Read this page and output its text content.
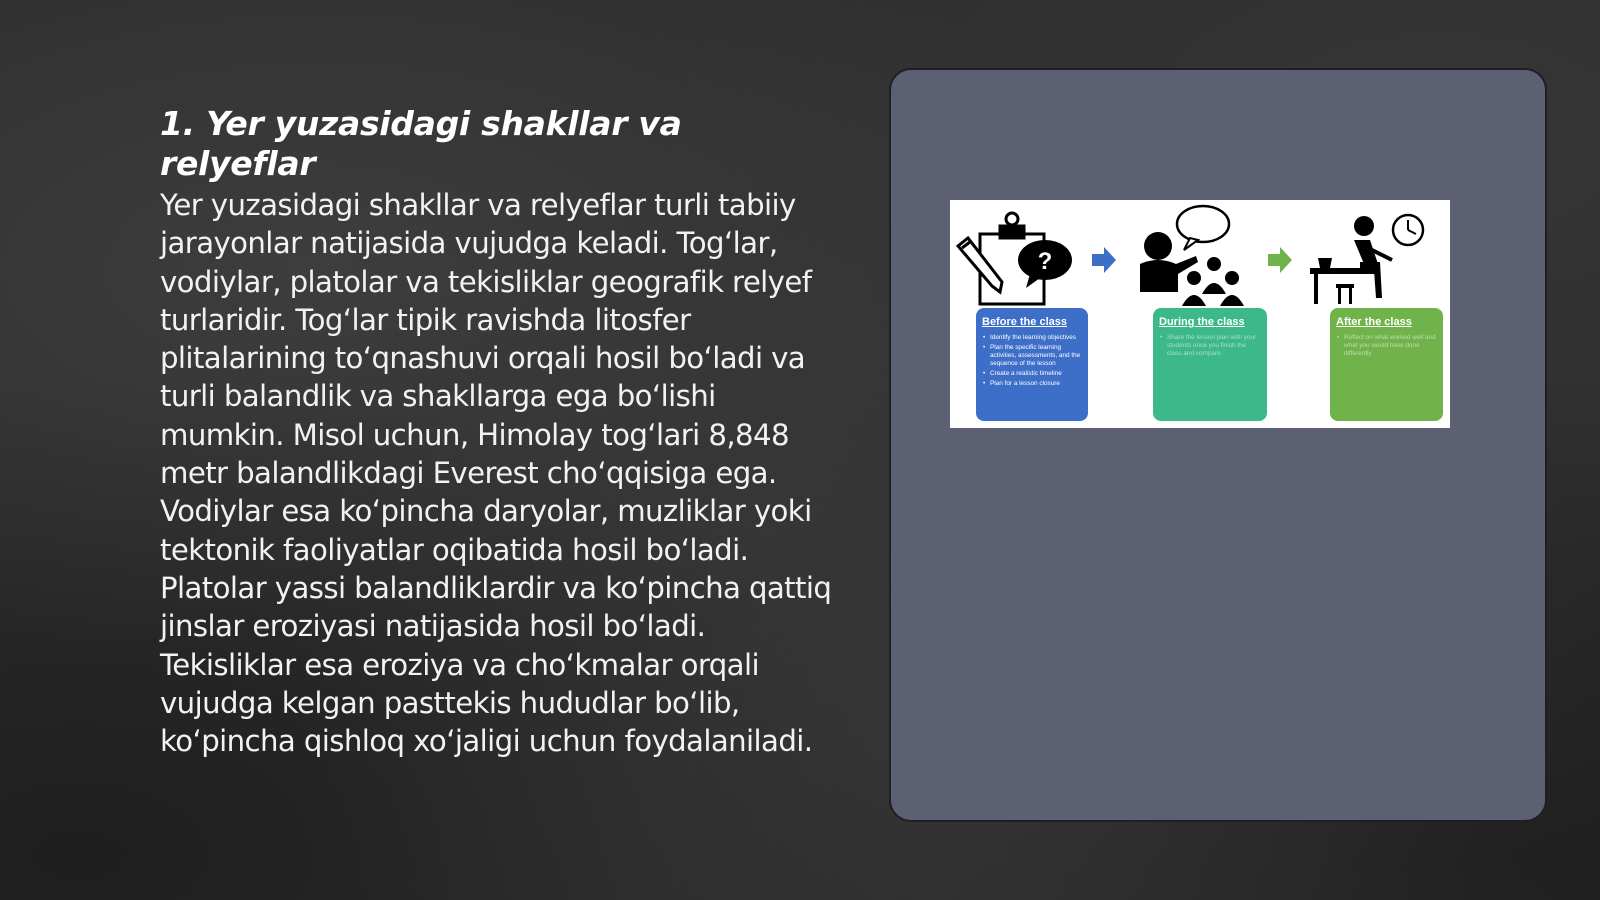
1. Yer yuzasidagi shakllar va relyeflar

Yer yuzasidagi shakllar va relyeflar turli tabiiy jarayonlar natijasida vujudga keladi. Tog‘lar, vodiylar, platolar va tekisliklar geografik relyef turlaridir. Tog‘lar tipik ravishda litosfer plitalarining to‘qnashuvi orqali hosil bo‘ladi va turli balandlik va shakllarga ega bo‘lishi mumkin. Misol uchun, Himolay tog‘lari 8,848 metr balandlikdagi Everest cho‘qqisiga ega. Vodiylar esa ko‘pincha daryolar, muzliklar yoki tektonik faoliyatlar oqibatida hosil bo‘ladi. Platolar yassi balandliklardir va ko‘pincha qattiq jinslar eroziyasi natijasida hosil bo‘ladi. Tekisliklar esa eroziya va cho‘kmalar orqali vujudga kelgan pasttekis hududlar bo‘lib, ko‘pincha qishloq xo‘jaligi uchun foydalaniladi.

?
Before the class
• Identify the learning objectives
• Plan the specific learning activities, assessments, and the sequence of the lesson
• Create a realistic timeline
• Plan for a lesson closure
During the class
• Share the lesson plan with your students once you finish the class and compare
After the class
• Reflect on what worked well and what you would have done differently
